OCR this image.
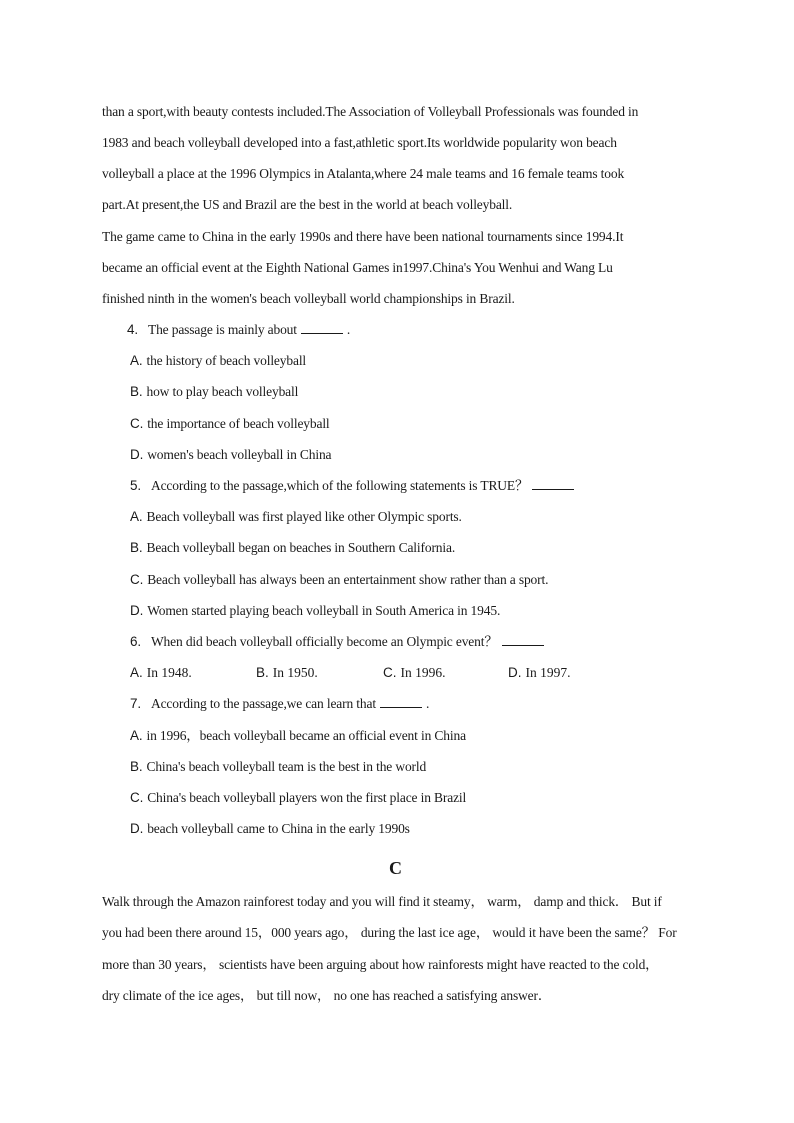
than a sport,with beauty contests included.The Association of Volleyball Professionals was founded in
1983 and beach volleyball developed into a fast,athletic sport.Its worldwide popularity won beach
volleyball a place at the 1996 Olympics in Atalanta,where 24 male teams and 16 female teams took
part.At present,the US and Brazil are the best in the world at beach volleyball.
The game came to China in the early 1990s and there have been national tournaments since 1994.It
became an official event at the Eighth National Games in1997.China's You Wenhui and Wang Lu
finished ninth in the women's beach volleyball world championships in Brazil.
4. The passage is mainly about	.
A. the history of beach volleyball
B. how to play beach volleyball
C. the importance of beach volleyball
D. women's beach volleyball in China
5. According to the passage,which of the following statements is TRUE？
A. Beach volleyball was first played like other Olympic sports.
B. Beach volleyball began on beaches in Southern California.
C. Beach volleyball has always been an entertainment show rather than a sport.
D. Women started playing beach volleyball in South America in 1945.
6. When did beach volleyball officially become an Olympic event？
A. In 1948.	B. In 1950.	C. In 1996.	D. In 1997.
7. According to the passage,we can learn that	.
A. in 1996，beach volleyball became an official event in China
B. China's beach volleyball team is the best in the world
C. China's beach volleyball players won the first place in Brazil
D. beach volleyball came to China in the early 1990s
C
Walk through the Amazon rainforest today and you will find it steamy， warm， damp and thick． But if
you had been there around 15，000 years ago， during the last ice age， would it have been the same？ For
more than 30 years， scientists have been arguing about how rainforests might have reacted to the cold，
dry climate of the ice ages， but till now， no one has reached a satisfying answer．
